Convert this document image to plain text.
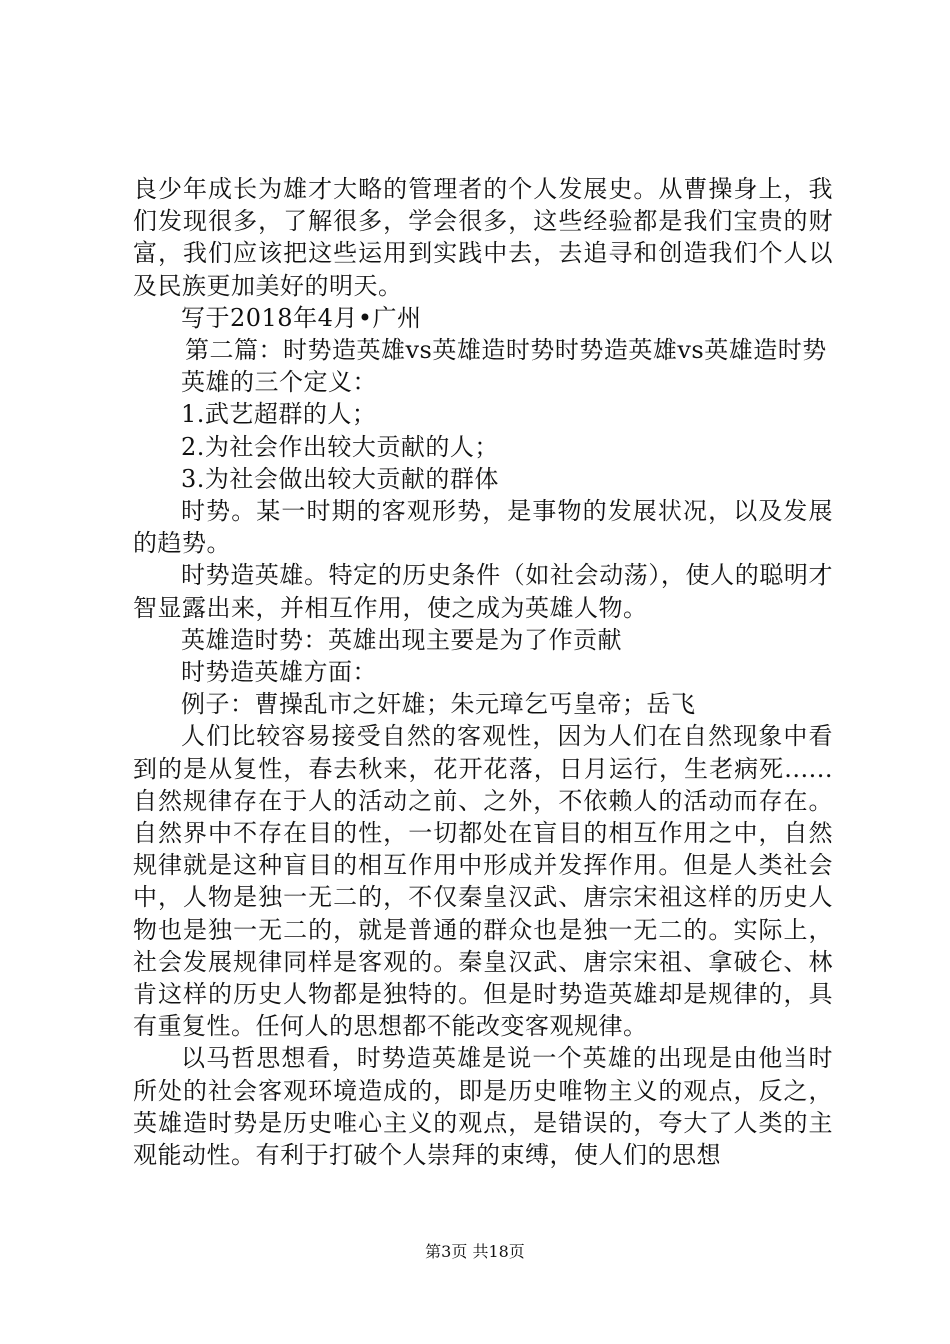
良少年成长为雄才大略的管理者的个人发展史。从曹操身上，我们发现很多，了解很多，学会很多，这些经验都是我们宝贵的财富，我们应该把这些运用到实践中去，去追寻和创造我们个人以及民族更加美好的明天。

写于2018年4月•广州

第二篇：时势造英雄vs英雄造时势时势造英雄vs英雄造时势

英雄的三个定义：

1.武艺超群的人；

2.为社会作出较大贡献的人；

3.为社会做出较大贡献的群体

时势。某一时期的客观形势，是事物的发展状况，以及发展的趋势。

时势造英雄。特定的历史条件（如社会动荡），使人的聪明才智显露出来，并相互作用，使之成为英雄人物。

英雄造时势：英雄出现主要是为了作贡献

时势造英雄方面：

例子：曹操乱市之奸雄；朱元璋乞丐皇帝；岳飞

人们比较容易接受自然的客观性，因为人们在自然现象中看到的是从复性，春去秋来，花开花落，日月运行，生老病死......自然规律存在于人的活动之前、之外，不依赖人的活动而存在。自然界中不存在目的性，一切都处在盲目的相互作用之中，自然规律就是这种盲目的相互作用中形成并发挥作用。但是人类社会中，人物是独一无二的，不仅秦皇汉武、唐宗宋祖这样的历史人物也是独一无二的，就是普通的群众也是独一无二的。实际上，社会发展规律同样是客观的。秦皇汉武、唐宗宋祖、拿破仑、林肯这样的历史人物都是独特的。但是时势造英雄却是规律的，具有重复性。任何人的思想都不能改变客观规律。

以马哲思想看，时势造英雄是说一个英雄的出现是由他当时所处的社会客观环境造成的，即是历史唯物主义的观点，反之，英雄造时势是历史唯心主义的观点，是错误的，夸大了人类的主观能动性。有利于打破个人崇拜的束缚，使人们的思想

第3页 共18页
